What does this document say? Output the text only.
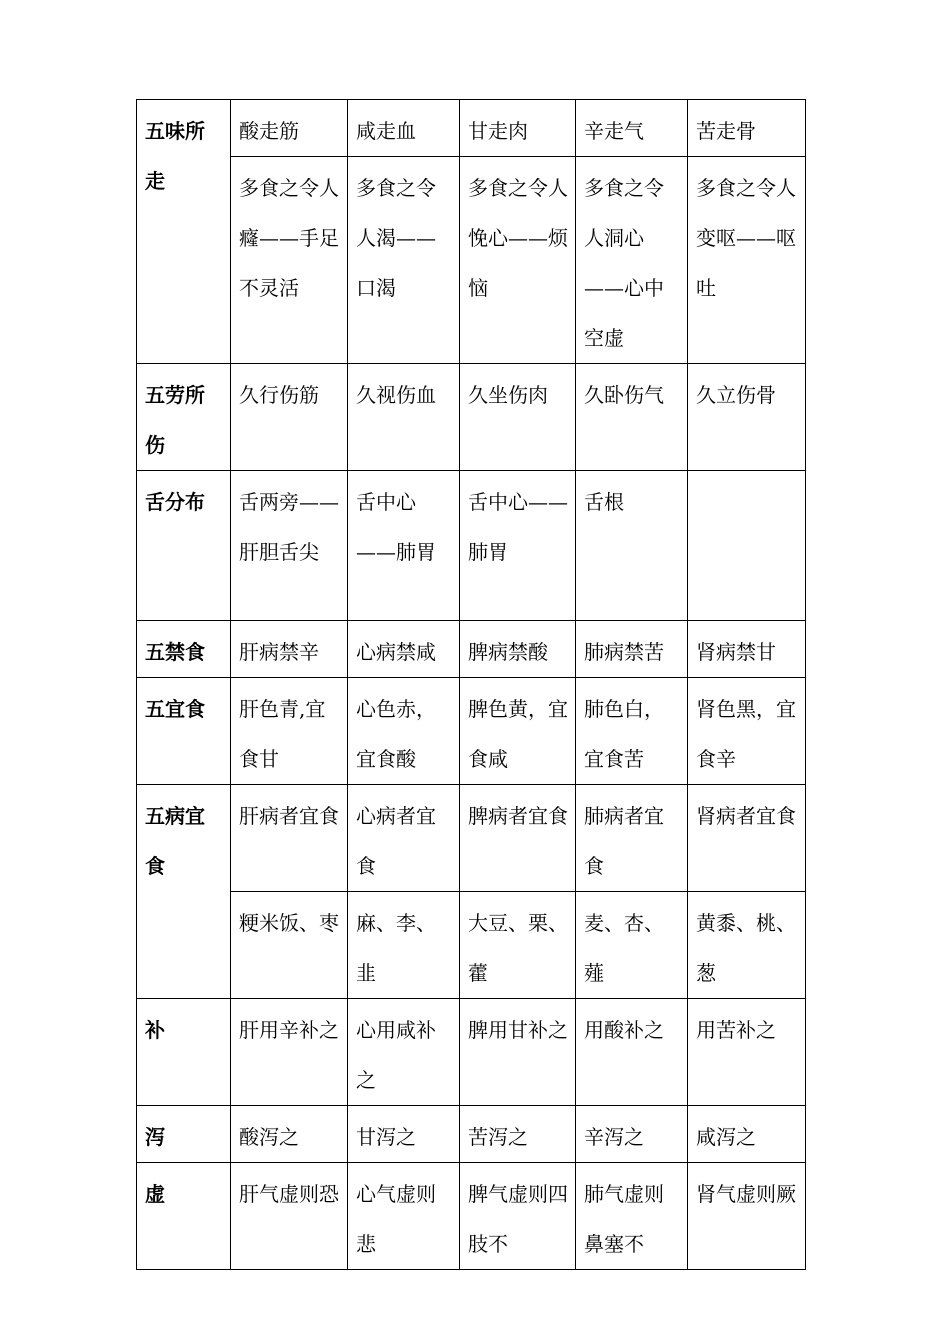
五味所走	酸走筋	咸走血	甘走肉	辛走气	苦走骨

	多食之令人癃——手足不灵活	多食之令人渴——口渴	多食之令人悗心——烦恼	多食之令人洞心——心中空虚	多食之令人变呕——呕吐

五劳所伤	久行伤筋	久视伤血	久坐伤肉	久卧伤气	久立伤骨

舌分布	舌两旁——肝胆舌尖	舌中心——肺胃	舌中心——肺胃	舌根	

五禁食	肝病禁辛	心病禁咸	脾病禁酸	肺病禁苦	肾病禁甘

五宜食	肝色青,宜食甘	心色赤，宜食酸	脾色黄，宜食咸	肺色白，宜食苦	肾色黑，宜食辛

五病宜食	肝病者宜食	心病者宜食	脾病者宜食	肺病者宜食	肾病者宜食

	粳米饭、枣	麻、李、韭	大豆、栗、藿	麦、杏、薤	黄黍、桃、葱

补	肝用辛补之	心用咸补之	脾用甘补之	用酸补之	用苦补之

泻	酸泻之	甘泻之	苦泻之	辛泻之	咸泻之

虚	肝气虚则恐	心气虚则悲	脾气虚则四肢不	肺气虚则鼻塞不	肾气虚则厥
